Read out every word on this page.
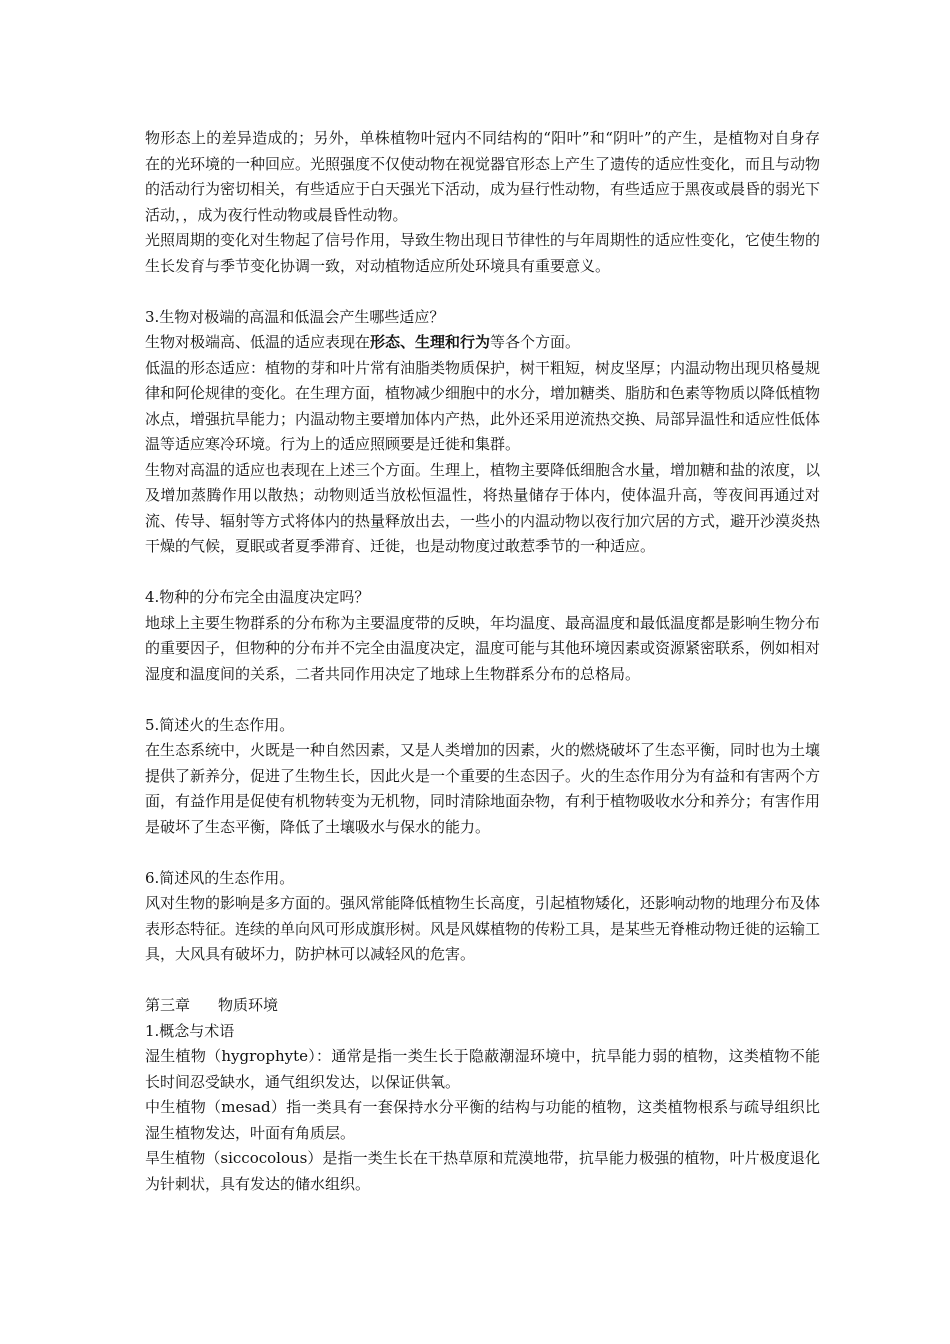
物形态上的差异造成的；另外，单株植物叶冠内不同结构的“阳叶”和“阴叶”的产生，是植物对自身存在的光环境的一种回应。光照强度不仅使动物在视觉器官形态上产生了遗传的适应性变化，而且与动物的活动行为密切相关，有些适应于白天强光下活动，成为昼行性动物，有些适应于黑夜或晨昏的弱光下活动，，成为夜行性动物或晨昏性动物。

光照周期的变化对生物起了信号作用，导致生物出现日节律性的与年周期性的适应性变化，它使生物的生长发育与季节变化协调一致，对动植物适应所处环境具有重要意义。

3.生物对极端的高温和低温会产生哪些适应？

生物对极端高、低温的适应表现在形态、生理和行为等各个方面。

低温的形态适应：植物的芽和叶片常有油脂类物质保护，树干粗短，树皮坚厚；内温动物出现贝格曼规律和阿伦规律的变化。在生理方面，植物减少细胞中的水分，增加糖类、脂肪和色素等物质以降低植物冰点，增强抗旱能力；内温动物主要增加体内产热，此外还采用逆流热交换、局部异温性和适应性低体温等适应寒冷环境。行为上的适应照顾要是迁徙和集群。

生物对高温的适应也表现在上述三个方面。生理上，植物主要降低细胞含水量，增加糖和盐的浓度，以及增加蒸腾作用以散热；动物则适当放松恒温性，将热量储存于体内，使体温升高，等夜间再通过对流、传导、辐射等方式将体内的热量释放出去，一些小的内温动物以夜行加穴居的方式，避开沙漠炎热干燥的气候，夏眠或者夏季滞育、迁徙，也是动物度过敢惹季节的一种适应。

4.物种的分布完全由温度决定吗？

地球上主要生物群系的分布称为主要温度带的反映，年均温度、最高温度和最低温度都是影响生物分布的重要因子，但物种的分布并不完全由温度决定，温度可能与其他环境因素或资源紧密联系，例如相对湿度和温度间的关系，二者共同作用决定了地球上生物群系分布的总格局。

5.简述火的生态作用。

在生态系统中，火既是一种自然因素，又是人类增加的因素，火的燃烧破坏了生态平衡，同时也为土壤提供了新养分，促进了生物生长，因此火是一个重要的生态因子。火的生态作用分为有益和有害两个方面，有益作用是促使有机物转变为无机物，同时清除地面杂物，有利于植物吸收水分和养分；有害作用是破坏了生态平衡，降低了土壤吸水与保水的能力。

6.简述风的生态作用。

风对生物的影响是多方面的。强风常能降低植物生长高度，引起植物矮化，还影响动物的地理分布及体表形态特征。连续的单向风可形成旗形树。风是风媒植物的传粉工具，是某些无脊椎动物迁徙的运输工具，大风具有破坏力，防护林可以减轻风的危害。

第三章 物质环境

1.概念与术语

湿生植物（hygrophyte）：通常是指一类生长于隐蔽潮湿环境中，抗旱能力弱的植物，这类植物不能长时间忍受缺水，通气组织发达，以保证供氧。

中生植物（mesad）指一类具有一套保持水分平衡的结构与功能的植物，这类植物根系与疏导组织比湿生植物发达，叶面有角质层。

旱生植物（siccocolous）是指一类生长在干热草原和荒漠地带，抗旱能力极强的植物，叶片极度退化为针刺状，具有发达的储水组织。
